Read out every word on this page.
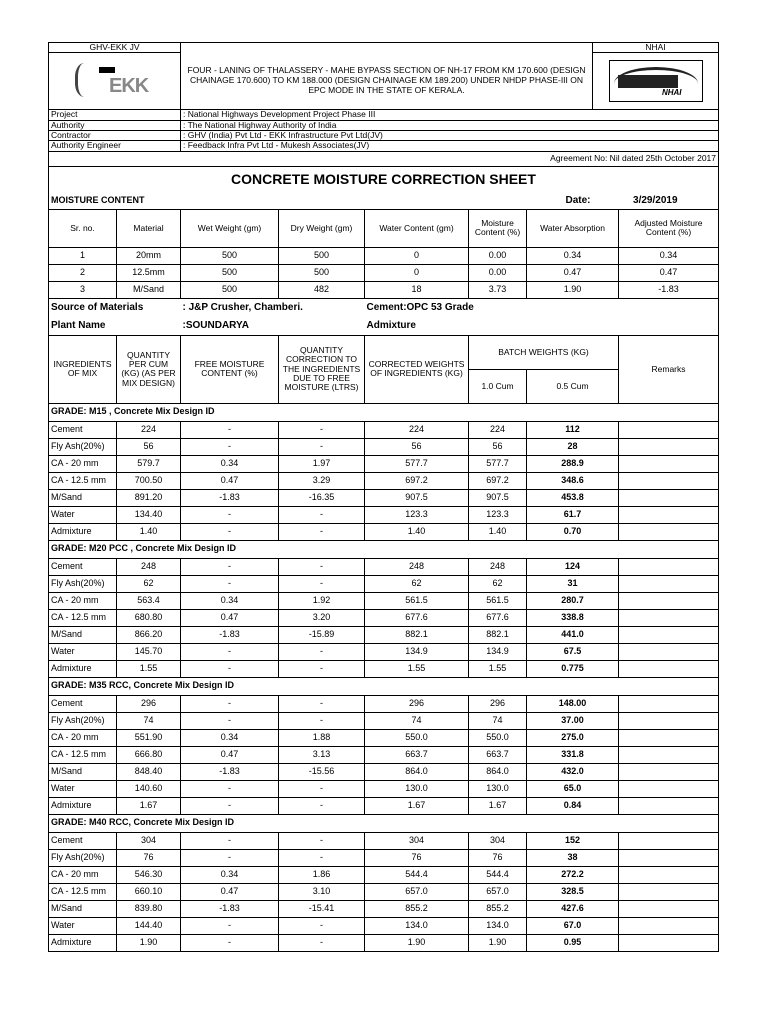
GHV-EKK JV							NHAI	

EKK		FOUR - LANING OF THALASSERY - MAHE BYPASS SECTION OF NH-17 FROM KM 170.600 (DESIGN CHAINAGE 170.600) TO KM 188.000 (DESIGN CHAINAGE KM 189.200) UNDER NHDP PHASE-III ON EPC MODE IN THE STATE OF KERALA.					NHAI	

Project		: National Highways Development Project Phase III						
Authority		: The National Highway Authority of India						
Contractor		: GHV (India) Pvt Ltd - EKK Infrastructure Pvt Ltd(JV)						
Authority Engineer		: Feedback Infra Pvt Ltd - Mukesh Associates(JV)						
Agreement No: Nil dated 25th October 2017								
CONCRETE MOISTURE CORRECTION SHEET								
MOISTURE CONTENT					Date:		3/29/2019	
Sr. no.	Material	Wet Weight (gm)	Dry Weight (gm)	Water Content (gm)	Moisture Content (%)	Water Absorption		Adjusted Moisture Content (%)
1	20mm	500	500	0	0.00	0.34		0.34
2	12.5mm	500	500	0	0.00	0.47		0.47
3	M/Sand	500	482	18	3.73	1.90		-1.83
Source of Materials		: J&P Crusher, Chamberi.		Cement:OPC 53 Grade				
Plant Name		:SOUNDARYA		Admixture				
INGREDIENTS OF MIX	QUANTITY PER CUM (KG) (AS PER MIX DESIGN)	FREE MOISTURE CONTENT (%)	QUANTITY CORRECTION TO THE INGREDIENTS DUE TO FREE MOISTURE (LTRS)	CORRECTED WEIGHTS OF INGREDIENTS (KG)	BATCH WEIGHTS (KG)			Remarks
					1.0 Cum	0.5 Cum		
GRADE: M15 , Concrete Mix Design ID								
Cement	224	-	-	224	224	112		
Fly Ash(20%)	56	-	-	56	56	28		
CA - 20 mm	579.7	0.34	1.97	577.7	577.7	288.9		
CA - 12.5 mm	700.50	0.47	3.29	697.2	697.2	348.6		
M/Sand	891.20	-1.83	-16.35	907.5	907.5	453.8		
Water	134.40	-	-	123.3	123.3	61.7		
Admixture	1.40	-	-	1.40	1.40	0.70		
GRADE: M20 PCC , Concrete Mix Design ID								
Cement	248	-	-	248	248	124		
Fly Ash(20%)	62	-	-	62	62	31		
CA - 20 mm	563.4	0.34	1.92	561.5	561.5	280.7		
CA - 12.5 mm	680.80	0.47	3.20	677.6	677.6	338.8		
M/Sand	866.20	-1.83	-15.89	882.1	882.1	441.0		
Water	145.70	-	-	134.9	134.9	67.5		
Admixture	1.55	-	-	1.55	1.55	0.775		
GRADE: M35 RCC, Concrete Mix Design ID								
Cement	296	-	-	296	296	148.00		
Fly Ash(20%)	74	-	-	74	74	37.00		
CA - 20 mm	551.90	0.34	1.88	550.0	550.0	275.0		
CA - 12.5 mm	666.80	0.47	3.13	663.7	663.7	331.8		
M/Sand	848.40	-1.83	-15.56	864.0	864.0	432.0		
Water	140.60	-	-	130.0	130.0	65.0		
Admixture	1.67	-	-	1.67	1.67	0.84		
GRADE: M40 RCC, Concrete Mix Design ID								
Cement	304	-	-	304	304	152		
Fly Ash(20%)	76	-	-	76	76	38		
CA - 20 mm	546.30	0.34	1.86	544.4	544.4	272.2		
CA - 12.5 mm	660.10	0.47	3.10	657.0	657.0	328.5		
M/Sand	839.80	-1.83	-15.41	855.2	855.2	427.6		
Water	144.40	-	-	134.0	134.0	67.0		
Admixture	1.90	-	-	1.90	1.90	0.95		
